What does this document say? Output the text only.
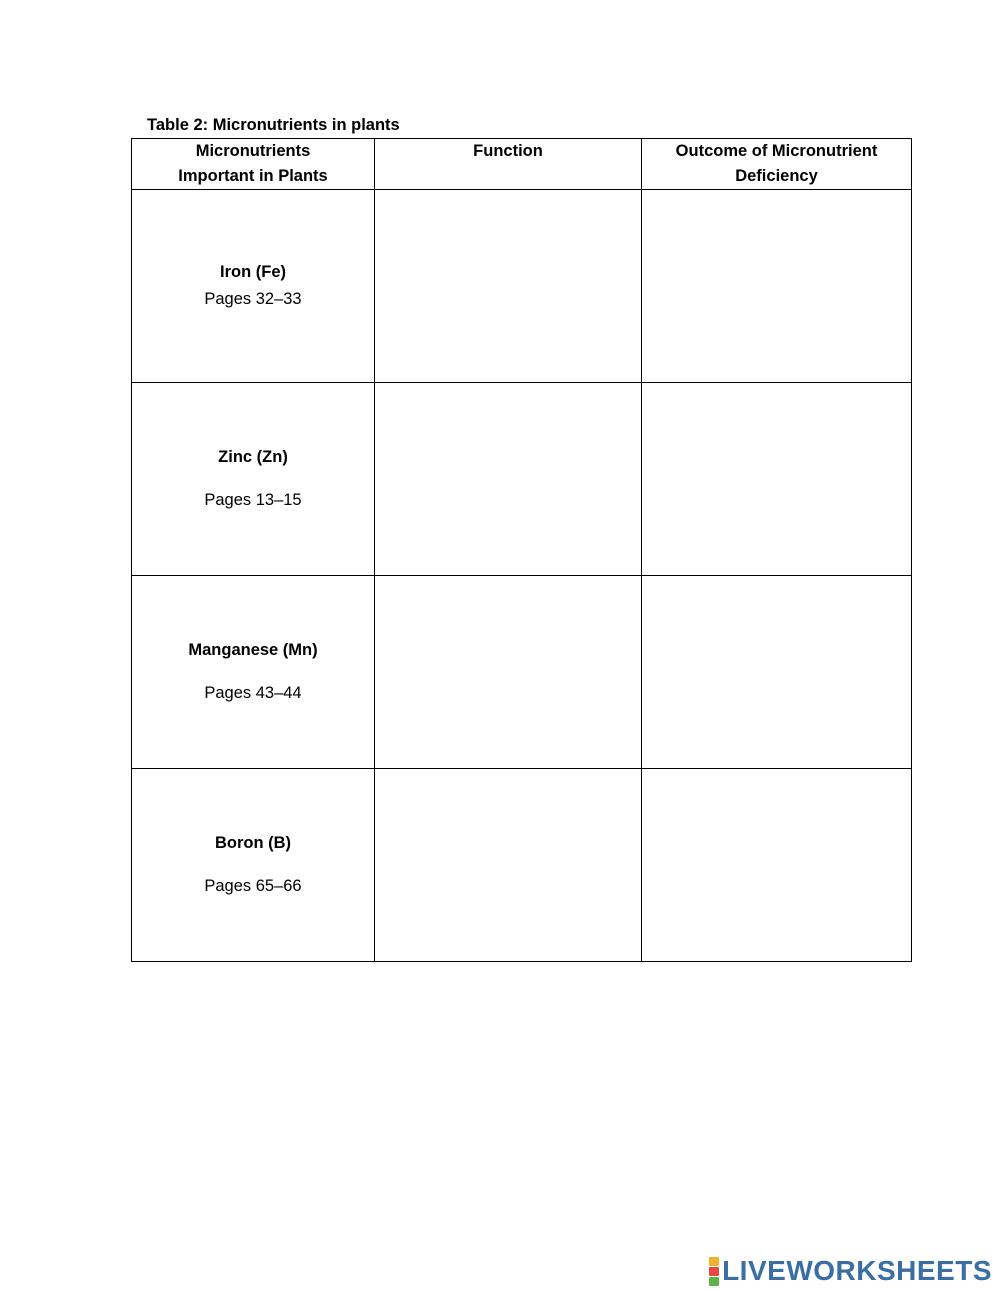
Table 2: Micronutrients in plants
Micronutrients
Important in Plants	Function	Outcome of Micronutrient
Deficiency

Iron (Fe)
Pages 32–33		

Zinc (Zn)
Pages 13–15		

Manganese (Mn)
Pages 43–44		

Boron (B)
Pages 65–66		

LIVEWORKSHEETS
